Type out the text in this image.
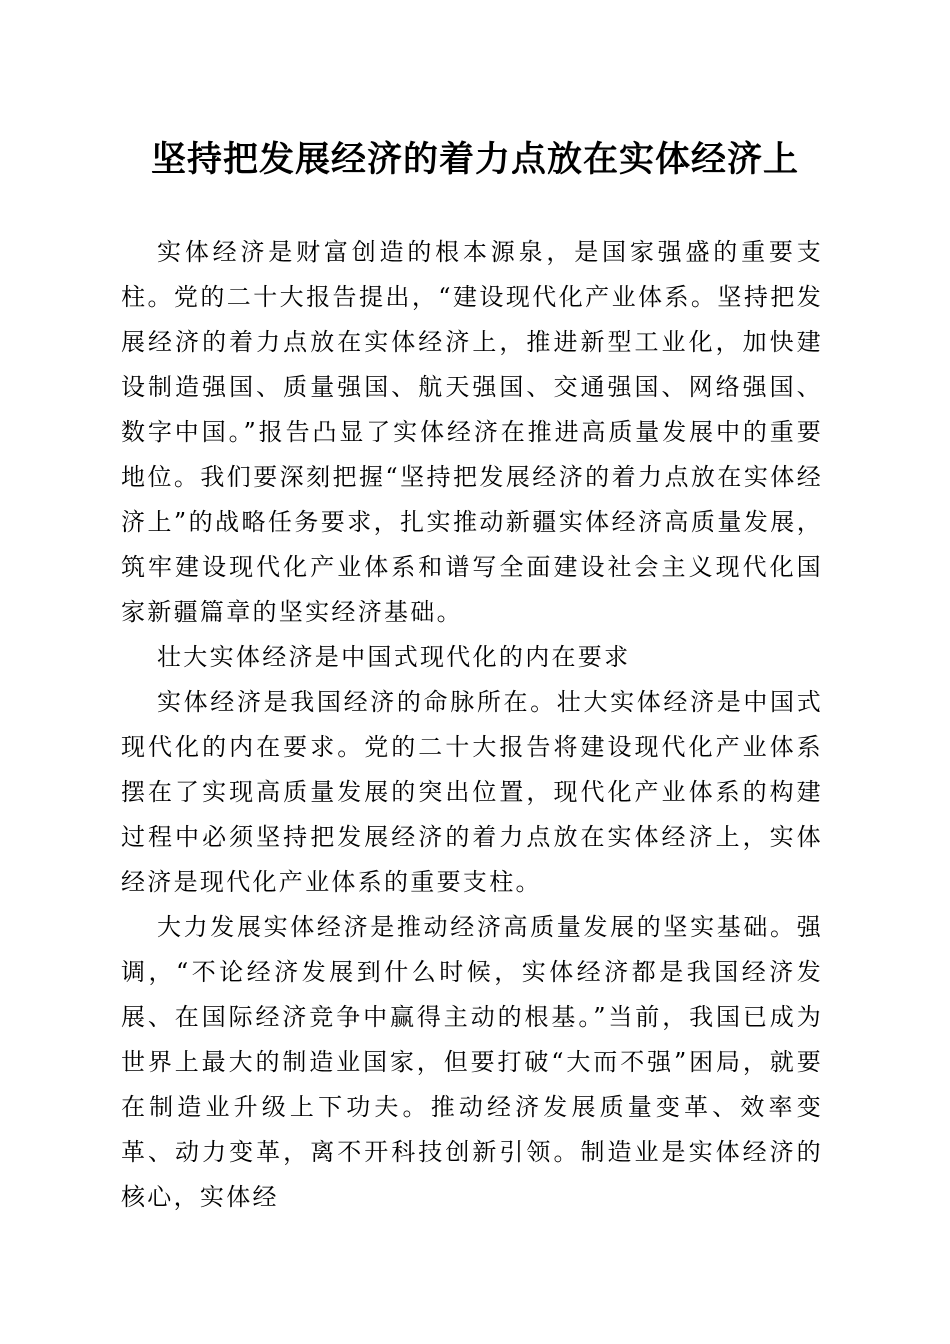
坚持把发展经济的着力点放在实体经济上

实体经济是财富创造的根本源泉，是国家强盛的重要支柱。党的二十大报告提出，“建设现代化产业体系。坚持把发展经济的着力点放在实体经济上，推进新型工业化，加快建设制造强国、质量强国、航天强国、交通强国、网络强国、数字中国。”报告凸显了实体经济在推进高质量发展中的重要地位。我们要深刻把握“坚持把发展经济的着力点放在实体经济上”的战略任务要求，扎实推动新疆实体经济高质量发展，筑牢建设现代化产业体系和谱写全面建设社会主义现代化国家新疆篇章的坚实经济基础。

壮大实体经济是中国式现代化的内在要求

实体经济是我国经济的命脉所在。壮大实体经济是中国式现代化的内在要求。党的二十大报告将建设现代化产业体系摆在了实现高质量发展的突出位置，现代化产业体系的构建过程中必须坚持把发展经济的着力点放在实体经济上，实体经济是现代化产业体系的重要支柱。

大力发展实体经济是推动经济高质量发展的坚实基础。强调，“不论经济发展到什么时候，实体经济都是我国经济发展、在国际经济竞争中赢得主动的根基。”当前，我国已成为世界上最大的制造业国家，但要打破“大而不强”困局，就要在制造业升级上下功夫。推动经济发展质量变革、效率变革、动力变革，离不开科技创新引领。制造业是实体经济的核心，实体经
